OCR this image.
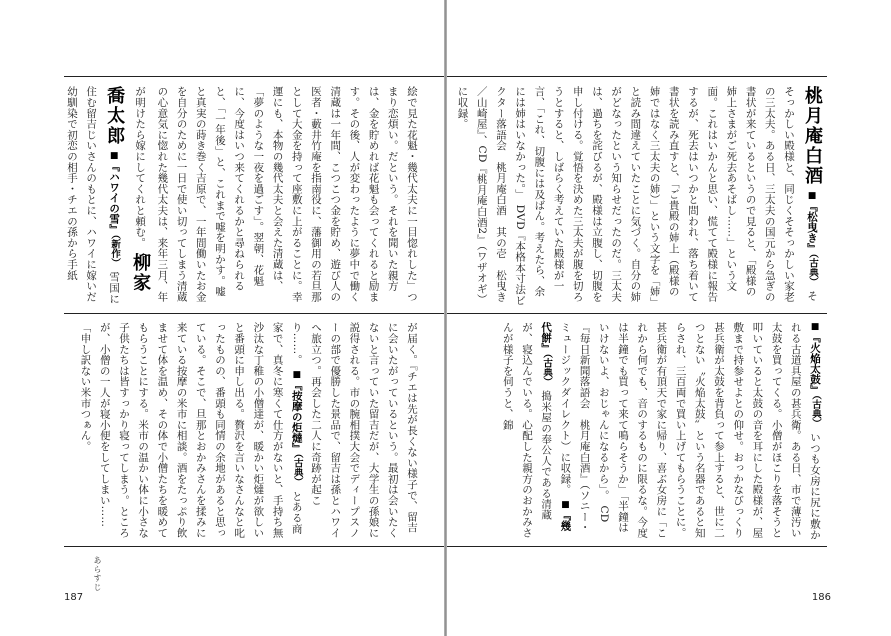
絵で見た花魁・幾代太夫に一目惚れした」つまり恋煩い。だという。それを聞いた親方は、金を貯めれば花魁も会ってくれると励ます。その後、人が変わったように夢中で働く清蔵は一年間、こつこつ金を貯め、遊び人の医者・藪井竹庵を指南役に、藩御用の若旦那として大金を持って座敷に上がることに。幸運にも、本物の幾代太夫と会えた清蔵は、「夢のような一夜を過ごす」。翌朝、花魁に、今度はいつ来てくれるかと尋ねられると、「一年後」と、これまで嘘を明かす。嘘と真実の蒔き巻く吉原で、一年間働いたお金を自分のために一日で使い切ってしまう清蔵の心意気に惚れた幾代太夫は、来年三月、年が明けたら嫁にしてくれと頼む。 柳家喬太郎 ■『ハワイの雪』（新作） 雪国に住む留吉じいさんのもとに、ハワイに嫁いだ幼馴染で初恋の相手・チエの孫から手紙
が届く。『チエは先が長くない様子で、留吉に会いたがっているという。最初は会いたくないと言っていた留吉だが、大学生の孫娘に説得される。市の腕相撲大会でディープスノーの部で優勝した景品で、留吉は孫とハワイへ旅立つ。再会した二人に奇跡が起こり……。 ■『按摩の炬燵』（古典） とある商家で、真冬に寒くて仕方がないと、手持ち無沙汰な丁稚の小僧達が、暖かい炬燵が欲しいと番頭に申し出る。贅沢を言いなさんなと叱ったものの、番頭も同情の余地があると思っている。そこで、旦那とおかみさんを揉みに来ている按摩の米市に相談。酒をたっぷり飲ませて体を温め、その体で小僧たちを暖めてもらうことにする。米市の温かい体に小さな子供たちは皆すっかり寝ってしまう。ところが、小僧の一人が寝小便をしてしまい……「申し訳ない米市つぁん。
あらすじ
187
桃月庵白酒 ■『松曳き』（古典） そそっかしい殿様と、同じくそそっかしい家老の三太夫。ある日、三太夫の国元から急ぎの書状が来ているというので見ると、「殿様の姉上さまがご死去あそばし……」という文面。これはいかんと思い、慌てて殿様に報告するが、死去はいつかと問われ、落ち着いて書状を読み直すと、「ご貴殿の姉上（殿様の姉ではなく三太夫の姉）」という文字を「姉」と読み間違えていたことに気づく。自分の姉がどなったという知らせだったのだ。三太夫は、過ちを詫びるが、殿様は立腹し、切腹を申し付ける。覚悟を決めた三太夫が腹を切ろうとすると、しばらく考えていた殿様が一言、「これ、切腹には及ばん。考えたら、余には姉はいなかった。」 DVD『本格本寸法ビクター落語会　桃月庵白酒　其の壱　松曳き／山崎屋』、CD『桃月庵白酒2』（ワザオギ）に収録。
■『火焔太鼓』（古典） いつも女房に尻に敷かれる古道具屋の甚兵衛。ある日、市で薄汚い太鼓を買ってくる。小僧がほこりを落そうと叩いていると太鼓の音を耳にした殿様が、屋敷まで持参せよとの仰せ。おっかなびっくり甚兵衛が太鼓を背負って参上すると、世に二つとない〝火焔太鼓〟という名器であると知らされ、三百両で買い上げてもらうことに。甚兵衛が有頂天で家に帰り、喜ぶ女房に「これから何でも、音のするものに限るな。今度は半鐘でも買って来て鳴らそうか」「半鐘はいけないよ、おじゃんになるから」。 CD『毎日新聞落語会　桃月庵白酒』（ソニー・ミュージックダイレクト）に収録。 ■『幾代餅』（古典） 搗米屋の奉公人である清蔵が、寝込んでいる。心配した親方のおかみさんが様子を伺うと、錦
186
